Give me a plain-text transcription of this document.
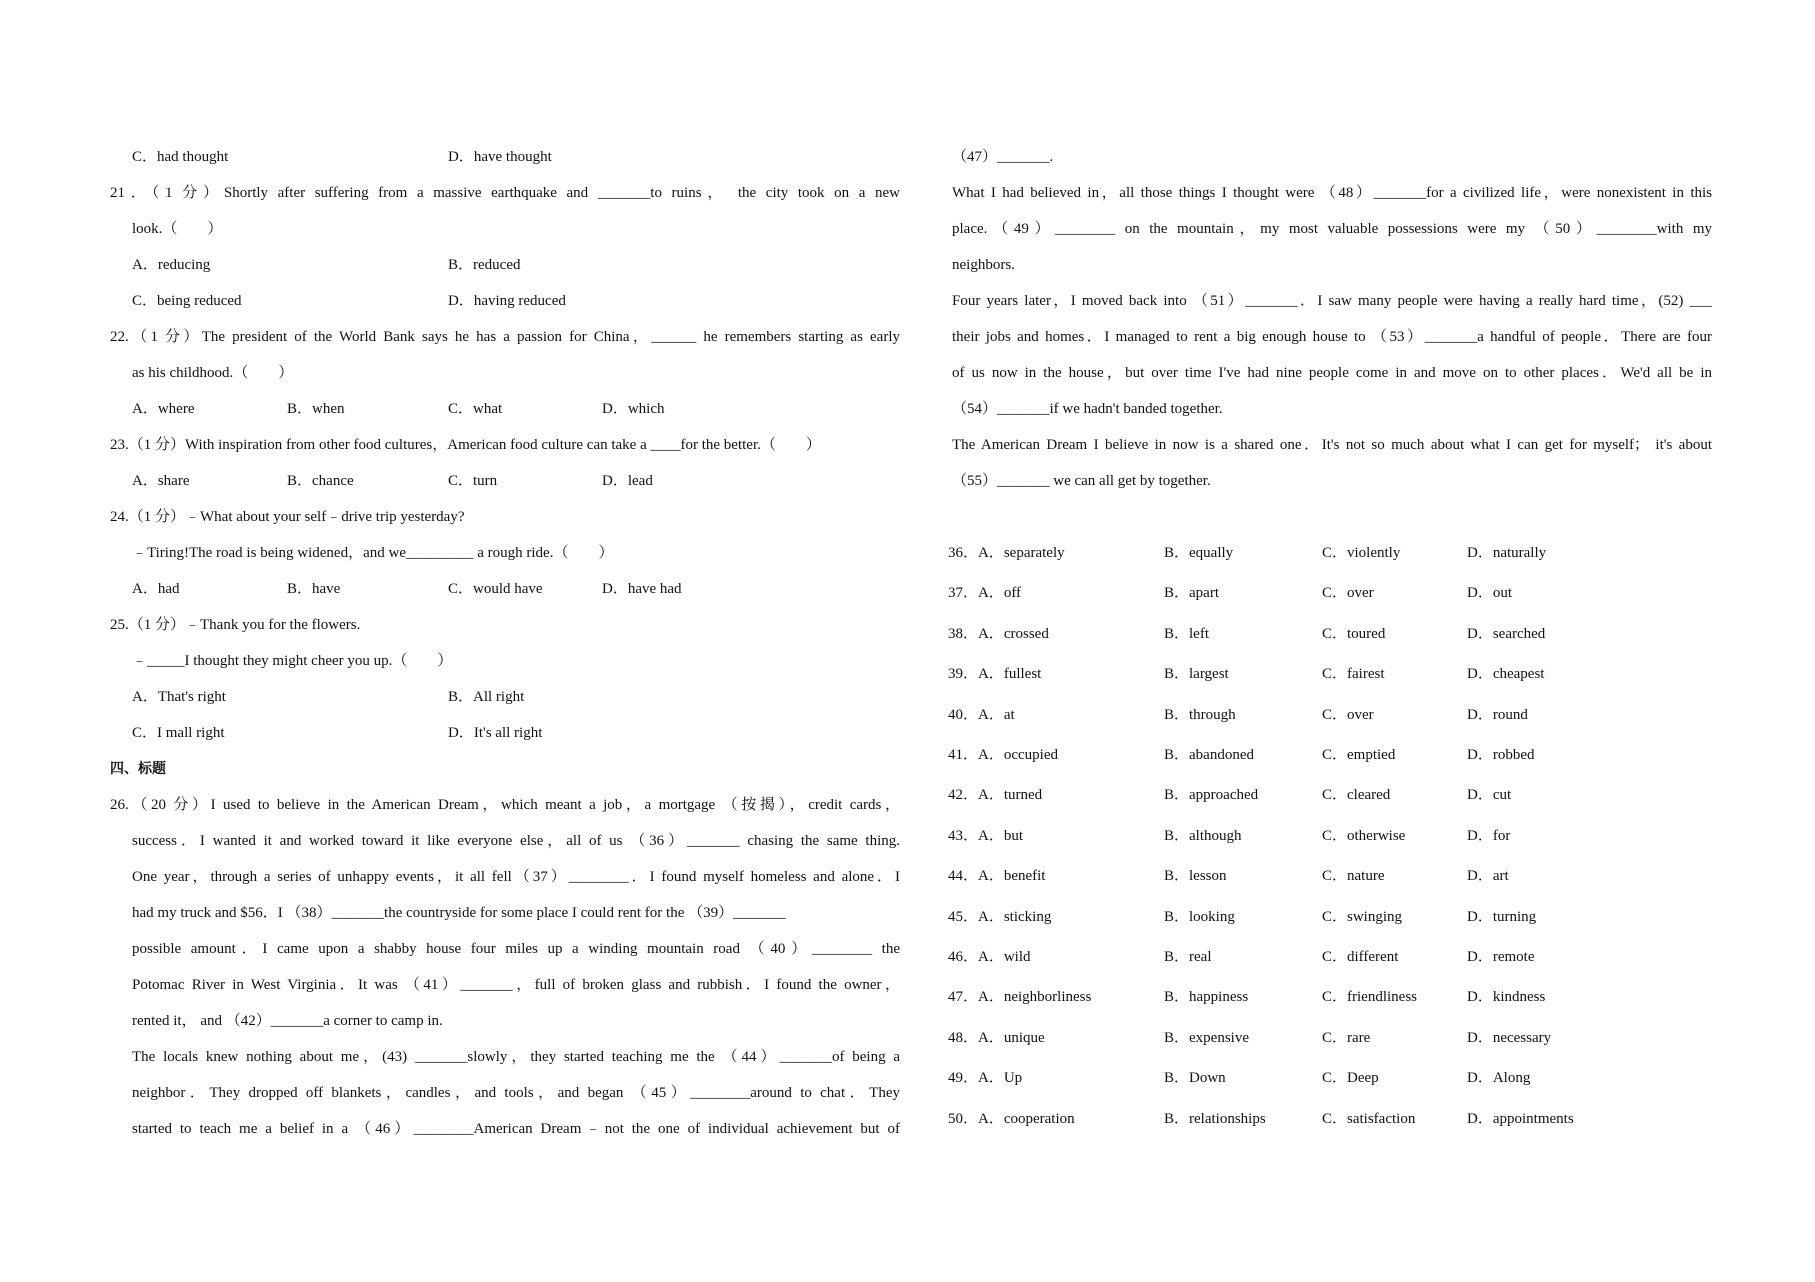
C．had thought	D．have thought
21．（1 分）Shortly after suffering from a massive earthquake and _______to ruins， the city took on a new
look.（　　）
A．reducing	B．reduced
C．being reduced	D．having reduced
22.（1 分）The president of the World Bank says he has a passion for China，______ he remembers starting as early
as his childhood.（　　）
A．where	B．when	C．what	D．which
23.（1 分）With inspiration from other food cultures，American food culture can take a ____for the better.（　　）
A．share	B．chance	C．turn	D．lead
24.（1 分）﹣What about your self﹣drive trip yesterday?
﹣Tiring!The road is being widened，and we_________ a rough ride.（　　）
A．had	B．have	C．would have	D．have had
25.（1 分）﹣Thank you for the flowers.
﹣_____I thought they might cheer you up.（　　）
A．That's right	B．All right
C．I mall right	D．It's all right
四、标题
26.（20 分）I used to believe in the American Dream，which meant a job，a mortgage （按揭），credit cards，
success．I wanted it and worked toward it like everyone else，all of us （36）_______ chasing the same thing.
One year，through a series of unhappy events，it all fell（37）________．I found myself homeless and alone．I
had my truck and $56．I （38）_______the countryside for some place I could rent for the （39）_______
possible amount．I came upon a shabby house four miles up a winding mountain road （40）________ the
Potomac River in West Virginia．It was （41）_______，full of broken glass and rubbish．I found the owner，
rented it， and （42）_______a corner to camp in.
The locals knew nothing about me，(43) _______slowly，they started teaching me the （44）_______of being a
neighbor．They dropped off blankets，candles，and tools，and began （45）________around to chat．They
started to teach me a belief in a （46）________American Dream﹣not the one of individual achievement but of
（47）_______.
What I had believed in，all those things I thought were （48）_______for a civilized life，were nonexistent in this
place.（49）________ on the mountain，my most valuable possessions were my （50）________with my
neighbors.
Four years later，I moved back into （51）_______．I saw many people were having a really hard time，(52) ___
their jobs and homes．I managed to rent a big enough house to （53）_______a handful of people．There are four
of us now in the house，but over time I've had nine people come in and move on to other places．We'd all be in
（54）_______if we hadn't banded together.
The American Dream I believe in now is a shared one．It's not so much about what I can get for myself； it's about
（55）_______ we can all get by together.
36． A．separately	B．equally	C．violently	D．naturally
37． A．off	B．apart	C．over	D．out
38． A．crossed	B．left	C．toured	D．searched
39． A．fullest	B．largest	C．fairest	D．cheapest
40． A．at	B．through	C．over	D．round
41． A．occupied	B．abandoned	C．emptied	D．robbed
42． A．turned	B．approached	C．cleared	D．cut
43． A．but	B．although	C．otherwise	D．for
44． A．benefit	B．lesson	C．nature	D．art
45． A．sticking	B．looking	C．swinging	D．turning
46． A．wild	B．real	C．different	D．remote
47． A．neighborliness	B．happiness	C．friendliness	D．kindness
48． A．unique	B．expensive	C．rare	D．necessary
49． A．Up	B．Down	C．Deep	D．Along
50． A．cooperation	B．relationships	C．satisfaction	D．appointments
